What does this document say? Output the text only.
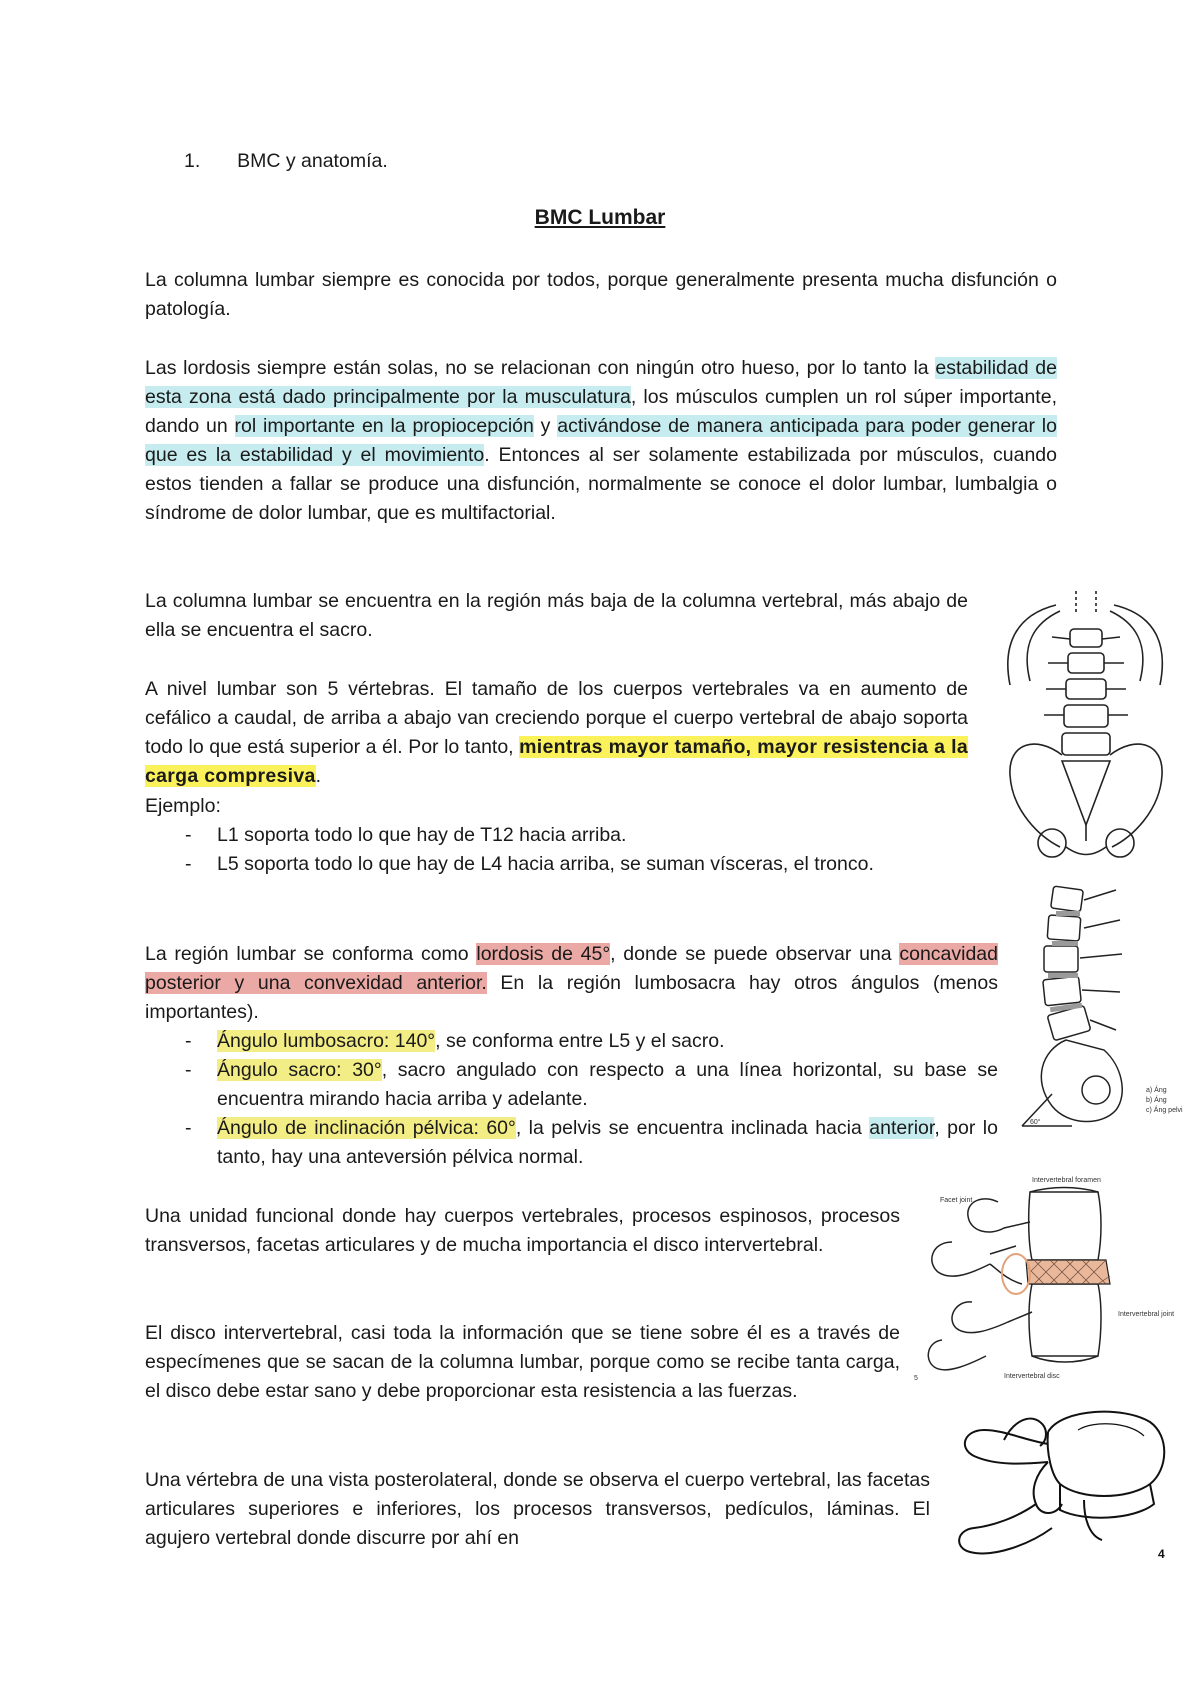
1. BMC y anatomía.
BMC Lumbar

La columna lumbar siempre es conocida por todos, porque generalmente presenta mucha disfunción o patología.

Las lordosis siempre están solas, no se relacionan con ningún otro hueso, por lo tanto la estabilidad de esta zona está dado principalmente por la musculatura, los músculos cumplen un rol súper importante, dando un rol importante en la propiocepción y activándose de manera anticipada para poder generar lo que es la estabilidad y el movimiento. Entonces al ser solamente estabilizada por músculos, cuando estos tienden a fallar se produce una disfunción, normalmente se conoce el dolor lumbar, lumbalgia o síndrome de dolor lumbar, que es multifactorial.

La columna lumbar se encuentra en la región más baja de la columna vertebral, más abajo de ella se encuentra el sacro.

A nivel lumbar son 5 vértebras. El tamaño de los cuerpos vertebrales va en aumento de cefálico a caudal, de arriba a abajo van creciendo porque el cuerpo vertebral de abajo soporta todo lo que está superior a él. Por lo tanto, mientras mayor tamaño, mayor resistencia a la carga compresiva.

Ejemplo:
- L1 soporta todo lo que hay de T12 hacia arriba.
- L5 soporta todo lo que hay de L4 hacia arriba, se suman vísceras, el tronco.

La región lumbar se conforma como lordosis de 45°, donde se puede observar una concavidad posterior y una convexidad anterior. En la región lumbosacra hay otros ángulos (menos importantes).

- Ángulo lumbosacro: 140°, se conforma entre L5 y el sacro.
- Ángulo sacro: 30°, sacro angulado con respecto a una línea horizontal, su base se encuentra mirando hacia arriba y adelante.
- Ángulo de inclinación pélvica: 60°, la pelvis se encuentra inclinada hacia anterior, por lo tanto, hay una anteversión pélvica normal.

Una unidad funcional donde hay cuerpos vertebrales, procesos espinosos, procesos transversos, facetas articulares y de mucha importancia el disco intervertebral.

El disco intervertebral, casi toda la información que se tiene sobre él es a través de especímenes que se sacan de la columna lumbar, porque como se recibe tanta carga, el disco debe estar sano y debe proporcionar esta resistencia a las fuerzas.

Una vértebra de una vista posterolateral, donde se observa el cuerpo vertebral, las facetas articulares superiores e inferiores, los procesos transversos, pedículos, láminas. El agujero vertebral donde discurre por ahí en

60°
a) Áng
b) Áng
c) Áng pelvi
Intervertebral foramen
Facet joint
Intervertebral joint
Intervertebral disc
5
4
